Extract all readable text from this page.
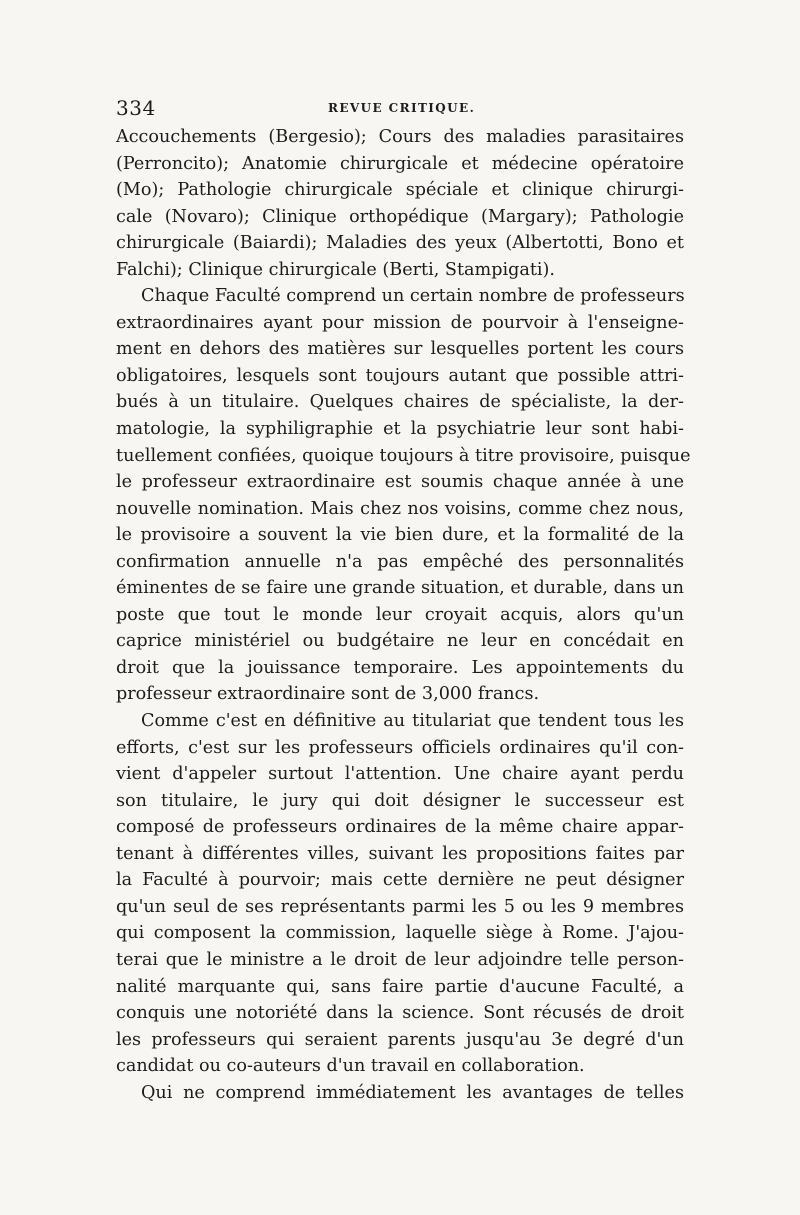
334	REVUE CRITIQUE.
Accouchements (Bergesio); Cours des maladies parasitaires
(Perroncito); Anatomie chirurgicale et médecine opératoire
(Mo); Pathologie chirurgicale spéciale et clinique chirurgi-
cale (Novaro); Clinique orthopédique (Margary); Pathologie
chirurgicale (Baiardi); Maladies des yeux (Albertotti, Bono et
Falchi); Clinique chirurgicale (Berti, Stampigati).
Chaque Faculté comprend un certain nombre de professeurs
extraordinaires ayant pour mission de pourvoir à l'enseigne-
ment en dehors des matières sur lesquelles portent les cours
obligatoires, lesquels sont toujours autant que possible attri-
bués à un titulaire. Quelques chaires de spécialiste, la der-
matologie, la syphiligraphie et la psychiatrie leur sont habi-
tuellement confiées, quoique toujours à titre provisoire, puisque
le professeur extraordinaire est soumis chaque année à une
nouvelle nomination. Mais chez nos voisins, comme chez nous,
le provisoire a souvent la vie bien dure, et la formalité de la
confirmation annuelle n'a pas empêché des personnalités
éminentes de se faire une grande situation, et durable, dans un
poste que tout le monde leur croyait acquis, alors qu'un
caprice ministériel ou budgétaire ne leur en concédait en
droit que la jouissance temporaire. Les appointements du
professeur extraordinaire sont de 3,000 francs.
Comme c'est en définitive au titulariat que tendent tous les
efforts, c'est sur les professeurs officiels ordinaires qu'il con-
vient d'appeler surtout l'attention. Une chaire ayant perdu
son titulaire, le jury qui doit désigner le successeur est
composé de professeurs ordinaires de la même chaire appar-
tenant à différentes villes, suivant les propositions faites par
la Faculté à pourvoir; mais cette dernière ne peut désigner
qu'un seul de ses représentants parmi les 5 ou les 9 membres
qui composent la commission, laquelle siège à Rome. J'ajou-
terai que le ministre a le droit de leur adjoindre telle person-
nalité marquante qui, sans faire partie d'aucune Faculté, a
conquis une notoriété dans la science. Sont récusés de droit
les professeurs qui seraient parents jusqu'au 3e degré d'un
candidat ou co-auteurs d'un travail en collaboration.
Qui ne comprend immédiatement les avantages de telles
